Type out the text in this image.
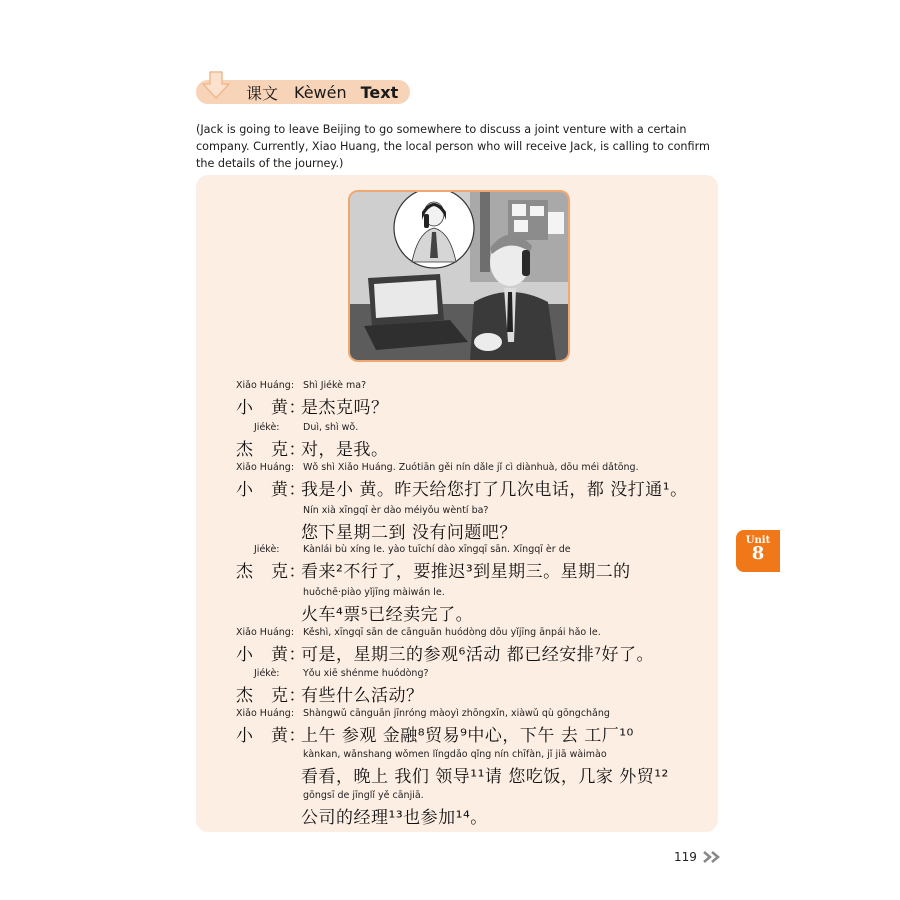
课文 Kèwén Text
(Jack is going to leave Beijing to go somewhere to discuss a joint venture with a certain company. Currently, Xiao Huang, the local person who will receive Jack, is calling to confirm the details of the journey.)
Xiǎo Huáng:
小　黄：
Shì Jiékè ma?
是杰克吗？
Jiékè:
杰　克：
Duì, shì wǒ.
对，是我。
Xiǎo Huáng:
小　黄：
Wǒ shì Xiǎo Huáng. Zuótiān gěi nín dǎle jǐ cì diànhuà, dōu méi dǎtōng.
我是小 黄。昨天给您打了几次电话，都 没打通¹。
Nín xià xīngqī èr dào méiyǒu wèntí ba?
您下星期二到 没有问题吧？
Jiékè:
杰　克：
Kànlái bù xíng le. yào tuīchí dào xīngqī sān. Xīngqī èr de
看来²不行了，要推迟³到星期三。星期二的
huǒchē·piào yǐjīng màiwán le.
火车⁴票⁵已经卖完了。
Xiǎo Huáng:
小　黄：
Kěshì, xīngqī sān de cānguān huódòng dōu yǐjīng ānpái hǎo le.
可是，星期三的参观⁶活动 都已经安排⁷好了。
Jiékè:
杰　克：
Yǒu xiē shénme huódòng?
有些什么活动？
Xiǎo Huáng:
小　黄：
Shàngwǔ cānguān jīnróng màoyì zhōngxīn, xiàwǔ qù gōngchǎng
上午 参观 金融⁸贸易⁹中心，下午 去 工厂¹⁰
kànkan, wǎnshang wǒmen lǐngdǎo qǐng nín chīfàn, jǐ jiā wàimào
看看，晚上 我们 领导¹¹请 您吃饭，几家 外贸¹²
gōngsī de jīnglǐ yě cānjiā.
公司的经理¹³也参加¹⁴。
Unit
8
119
